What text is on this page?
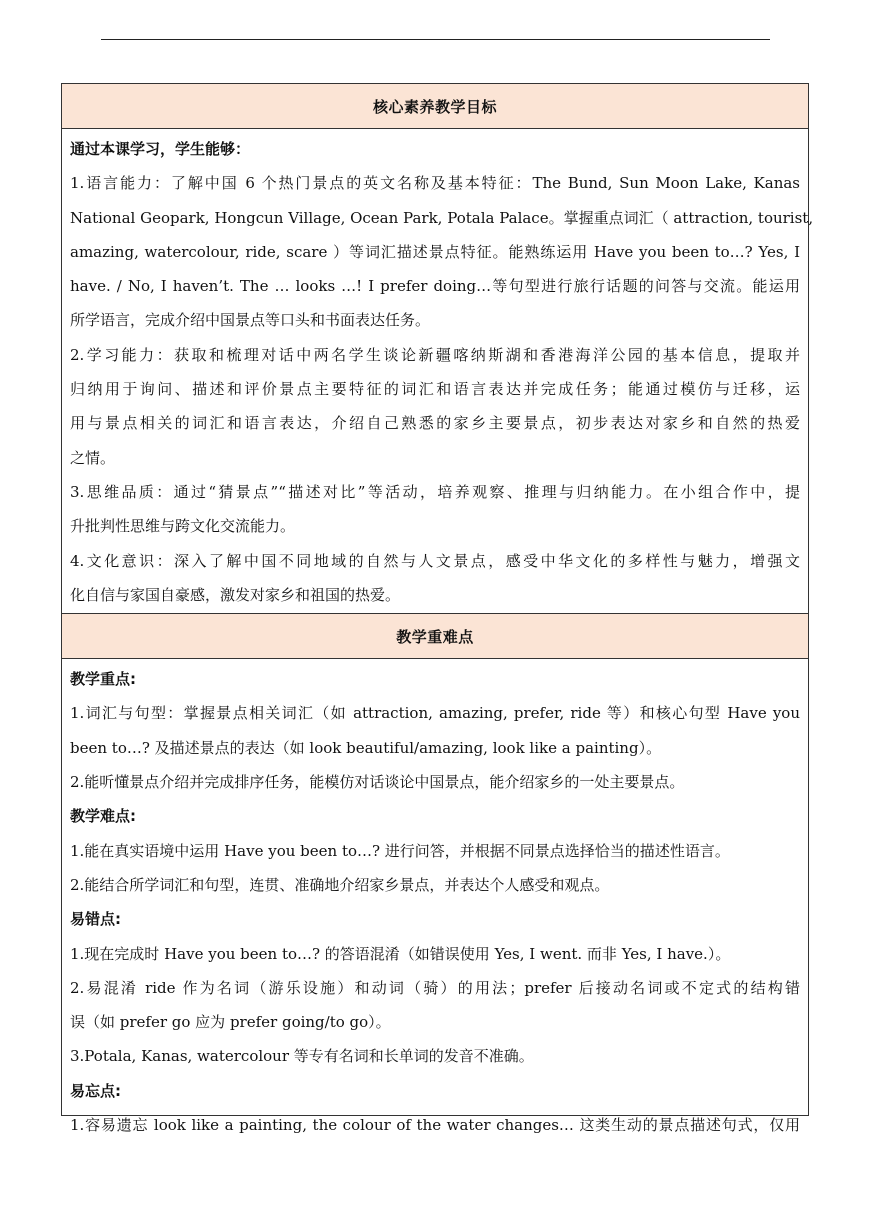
核心素养教学目标
通过本课学习，学生能够：
1.语言能力：了解中国 6 个热门景点的英文名称及基本特征：The Bund, Sun Moon Lake, Kanas
National Geopark, Hongcun Village, Ocean Park, Potala Palace。掌握重点词汇（ attraction, tourist,
amazing, watercolour, ride, scare ）等词汇描述景点特征。能熟练运用 Have you been to…? Yes, I
have. / No, I haven’t. The … looks …! I prefer doing…等句型进行旅行话题的问答与交流。能运用
所学语言，完成介绍中国景点等口头和书面表达任务。
2.学习能力：获取和梳理对话中两名学生谈论新疆喀纳斯湖和香港海洋公园的基本信息，提取并
归纳用于询问、描述和评价景点主要特征的词汇和语言表达并完成任务；能通过模仿与迁移，运
用与景点相关的词汇和语言表达，介绍自己熟悉的家乡主要景点，初步表达对家乡和自然的热爱
之情。
3.思维品质：通过“猜景点”“描述对比”等活动，培养观察、推理与归纳能力。在小组合作中，提
升批判性思维与跨文化交流能力。
4.文化意识：深入了解中国不同地域的自然与人文景点，感受中华文化的多样性与魅力，增强文
化自信与家国自豪感，激发对家乡和祖国的热爱。
教学重难点
教学重点:
1.词汇与句型：掌握景点相关词汇（如 attraction, amazing, prefer, ride 等）和核心句型 Have you
been to…? 及描述景点的表达（如 look beautiful/amazing, look like a painting）。
2.能听懂景点介绍并完成排序任务，能模仿对话谈论中国景点，能介绍家乡的一处主要景点。
教学难点:
1.能在真实语境中运用 Have you been to…? 进行问答，并根据不同景点选择恰当的描述性语言。
2.能结合所学词汇和句型，连贯、准确地介绍家乡景点，并表达个人感受和观点。
易错点:
1.现在完成时 Have you been to…? 的答语混淆（如错误使用 Yes, I went. 而非 Yes, I have.）。
2.易混淆 ride 作为名词（游乐设施）和动词（骑）的用法；prefer 后接动名词或不定式的结构错
误（如 prefer go 应为 prefer going/to go）。
3.Potala, Kanas, watercolour 等专有名词和长单词的发音不准确。
易忘点:
1.容易遗忘 look like a painting, the colour of the water changes… 这类生动的景点描述句式，仅用
